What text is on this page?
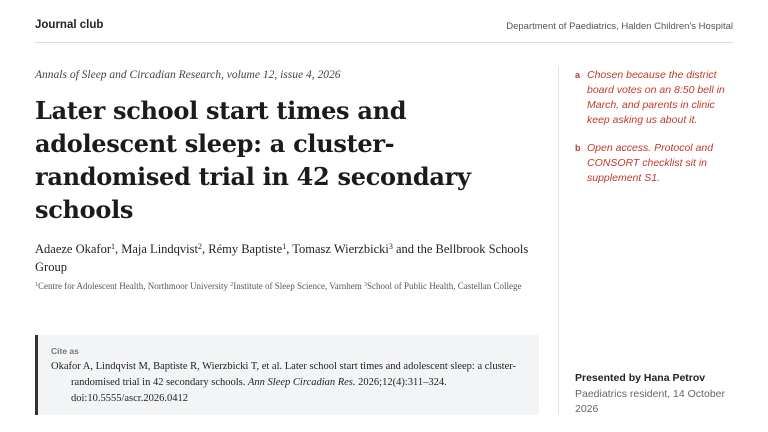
Journal club	Department of Paediatrics, Halden Children's Hospital
Annals of Sleep and Circadian Research, volume 12, issue 4, 2026
Later school start times and adolescent sleep: a cluster-randomised trial in 42 secondary schools
Adaeze Okafor$^1$, Maja Lindqvist$^2$, Rémy Baptiste$^1$, Tomasz Wierzbicki$^3$ and the Bellbrook Schools Group
$^1$Centre for Adolescent Health, Northmoor University $^2$Institute of Sleep Science, Varnhem $^3$School of Public Health, Castellan College
Cite as
Okafor A, Lindqvist M, Baptiste R, Wierzbicki T, et al. Later school start times and adolescent sleep: a cluster-randomised trial in 42 secondary schools. Ann Sleep Circadian Res. 2026;12(4):311–324. doi:10.5555/ascr.2026.0412
a Chosen because the district board votes on an 8:50 bell in March, and parents in clinic keep asking us about it.
b Open access. Protocol and CONSORT checklist sit in supplement S1.
Presented by Hana Petrov
Paediatrics resident, 14 October 2026
